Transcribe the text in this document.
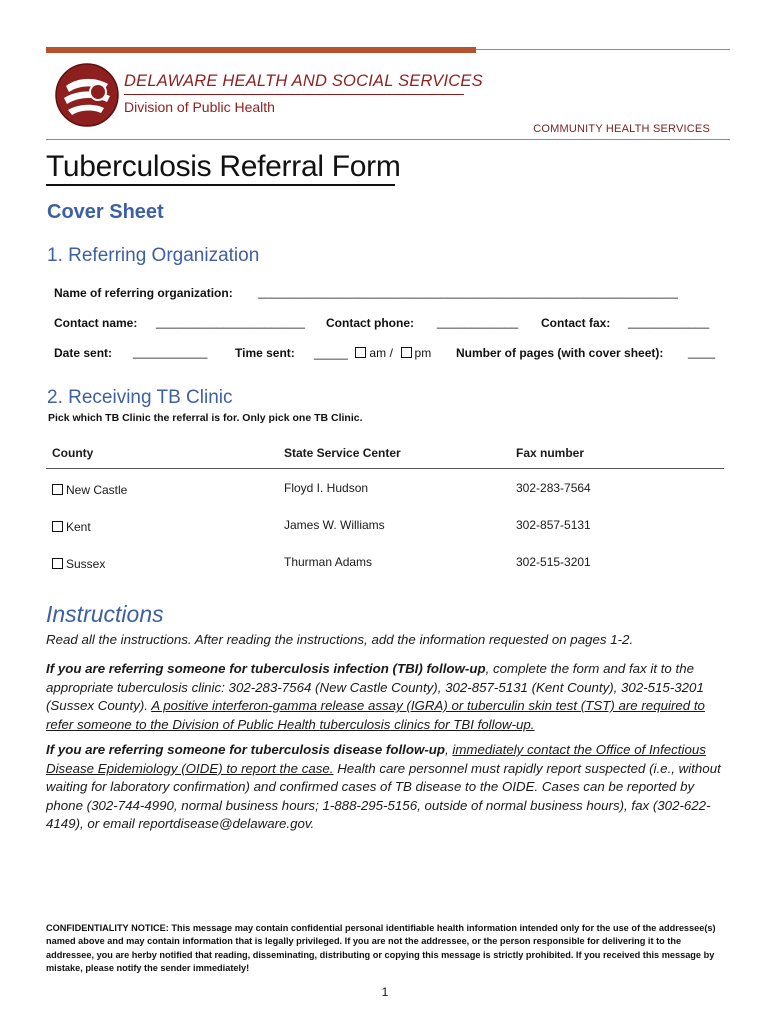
DELAWARE HEALTH AND SOCIAL SERVICES
Division of Public Health
COMMUNITY HEALTH SERVICES
Tuberculosis Referral Form
Cover Sheet
1. Referring Organization
Name of referring organization: ______________________________________________________________
Contact name: ______________________ Contact phone: ____________ Contact fax: ____________
Date sent: ___________ Time sent: _____ am / pm Number of pages (with cover sheet): ____
2. Receiving TB Clinic
Pick which TB Clinic the referral is for. Only pick one TB Clinic.
County	State Service Center	Fax number
New Castle	Floyd I. Hudson	302-283-7564
Kent	James W. Williams	302-857-5131
Sussex	Thurman Adams	302-515-3201
Instructions
Read all the instructions. After reading the instructions, add the information requested on pages 1-2.
If you are referring someone for tuberculosis infection (TBI) follow-up, complete the form and fax it to the appropriate tuberculosis clinic: 302-283-7564 (New Castle County), 302-857-5131 (Kent County), 302-515-3201 (Sussex County). A positive interferon-gamma release assay (IGRA) or tuberculin skin test (TST) are required to refer someone to the Division of Public Health tuberculosis clinics for TBI follow-up.
If you are referring someone for tuberculosis disease follow-up, immediately contact the Office of Infectious Disease Epidemiology (OIDE) to report the case. Health care personnel must rapidly report suspected (i.e., without waiting for laboratory confirmation) and confirmed cases of TB disease to the OIDE. Cases can be reported by phone (302-744-4990, normal business hours; 1-888-295-5156, outside of normal business hours), fax (302-622-4149), or email reportdisease@delaware.gov.
CONFIDENTIALITY NOTICE: This message may contain confidential personal identifiable health information intended only for the use of the addressee(s) named above and may contain information that is legally privileged. If you are not the addressee, or the person responsible for delivering it to the addressee, you are herby notified that reading, disseminating, distributing or copying this message is strictly prohibited. If you received this message by mistake, please notify the sender immediately!
1
